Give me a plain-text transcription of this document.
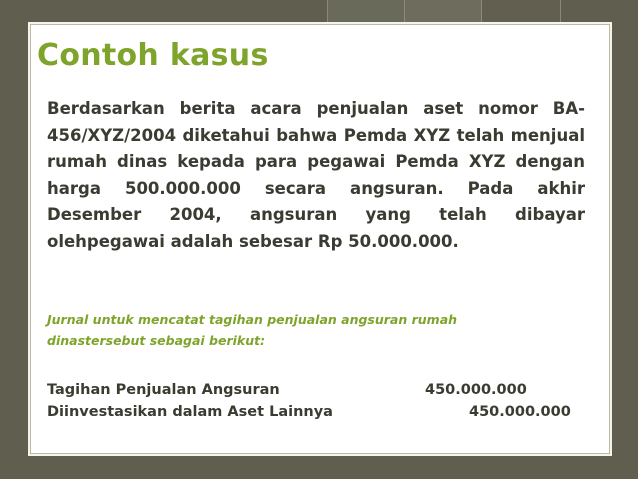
Contoh kasus

Berdasarkan berita acara penjualan aset nomor BA-456/XYZ/2004 diketahui bahwa Pemda XYZ telah menjual rumah dinas kepada para pegawai Pemda XYZ dengan harga 500.000.000 secara angsuran. Pada akhir Desember 2004, angsuran yang telah dibayar olehpegawai adalah sebesar Rp 50.000.000.

Jurnal untuk mencatat tagihan penjualan angsuran rumah dinastersebut sebagai berikut:

Tagihan Penjualan Angsuran	450.000.000
Diinvestasikan dalam Aset Lainnya	450.000.000
